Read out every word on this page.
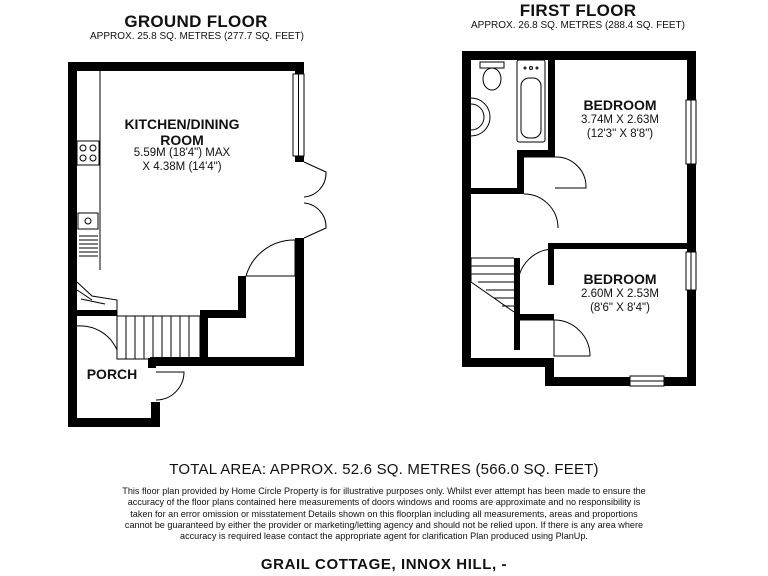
GROUND FLOOR
APPROX. 25.8 SQ. METRES (277.7 SQ. FEET)
KITCHEN/DINING
ROOM
5.59M (18'4") MAX
X 4.38M (14'4")
PORCH
FIRST FLOOR
APPROX. 26.8 SQ. METRES (288.4 SQ. FEET)
BEDROOM
3.74M X 2.63M
(12'3" X 8'8")
BEDROOM
2.60M X 2.53M
(8'6" X 8'4")
TOTAL AREA: APPROX. 52.6 SQ. METRES (566.0 SQ. FEET)
This floor plan provided by Home Circle Property is for illustrative purposes only. Whilst ever attempt has been made to ensure the accuracy of the floor plans contained here measurements of doors windows and rooms are approximate and no responsibility is taken for an error omission or misstatement Details shown on this floorplan including all measurements, areas and proportions cannot be guaranteed by either the provider or marketing/letting agency and should not be relied upon. If there is any area where accuracy is required lease contact the appropriate agent for clarification Plan produced using PlanUp.
GRAIL COTTAGE, INNOX HILL, -
